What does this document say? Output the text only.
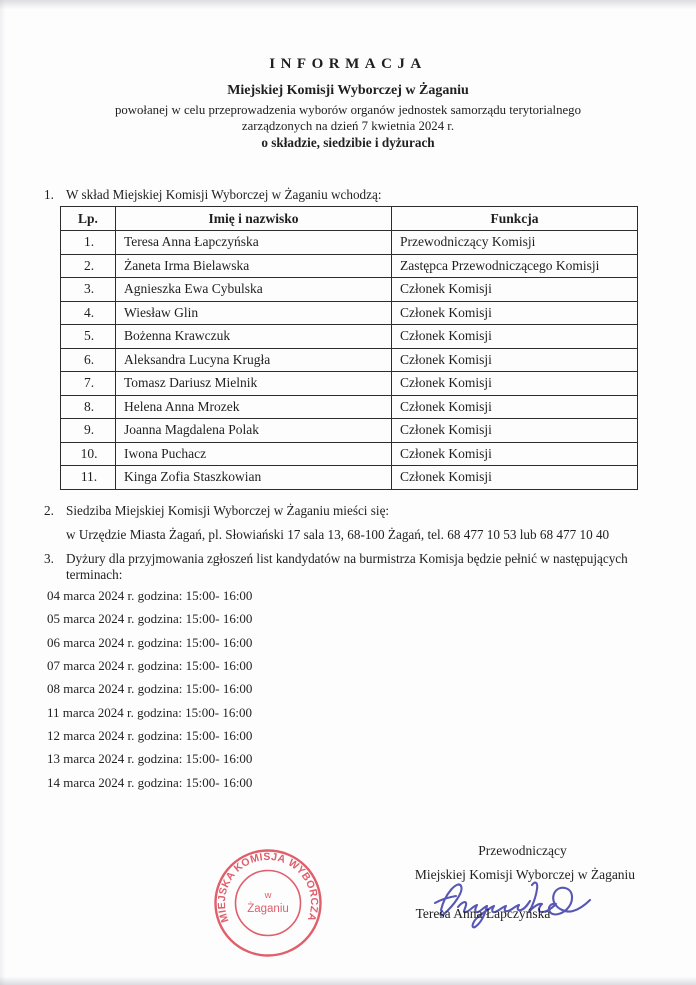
INFORMACJA
Miejskiej Komisji Wyborczej w Żaganiu
powołanej w celu przeprowadzenia wyborów organów jednostek samorządu terytorialnego
zarządzonych na dzień 7 kwietnia 2024 r.
o składzie, siedzibie i dyżurach
1. W skład Miejskiej Komisji Wyborczej w Żaganiu wchodzą:
Lp.	Imię i nazwisko	Funkcja
1.	Teresa Anna Łapczyńska	Przewodniczący Komisji
2.	Żaneta Irma Bielawska	Zastępca Przewodniczącego Komisji
3.	Agnieszka Ewa Cybulska	Członek Komisji
4.	Wiesław Glin	Członek Komisji
5.	Bożenna Krawczuk	Członek Komisji
6.	Aleksandra Lucyna Krugła	Członek Komisji
7.	Tomasz Dariusz Mielnik	Członek Komisji
8.	Helena Anna Mrozek	Członek Komisji
9.	Joanna Magdalena Polak	Członek Komisji
10.	Iwona Puchacz	Członek Komisji
11.	Kinga Zofia Staszkowian	Członek Komisji
2. Siedziba Miejskiej Komisji Wyborczej w Żaganiu mieści się:
w Urzędzie Miasta Żagań, pl. Słowiański 17 sala 13, 68-100 Żagań, tel. 68 477 10 53 lub 68 477 10 40
3. Dyżury dla przyjmowania zgłoszeń list kandydatów na burmistrza Komisja będzie pełnić w następujących
terminach:
04 marca 2024 r. godzina: 15:00- 16:00
05 marca 2024 r. godzina: 15:00- 16:00
06 marca 2024 r. godzina: 15:00- 16:00
07 marca 2024 r. godzina: 15:00- 16:00
08 marca 2024 r. godzina: 15:00- 16:00
11 marca 2024 r. godzina: 15:00- 16:00
12 marca 2024 r. godzina: 15:00- 16:00
13 marca 2024 r. godzina: 15:00- 16:00
14 marca 2024 r. godzina: 15:00- 16:00
MIEJSKA KOMISJA WYBORCZA
w
Żaganiu
Przewodniczący
Miejskiej Komisji Wyborczej w Żaganiu
Teresa Anna Łapczyńska
